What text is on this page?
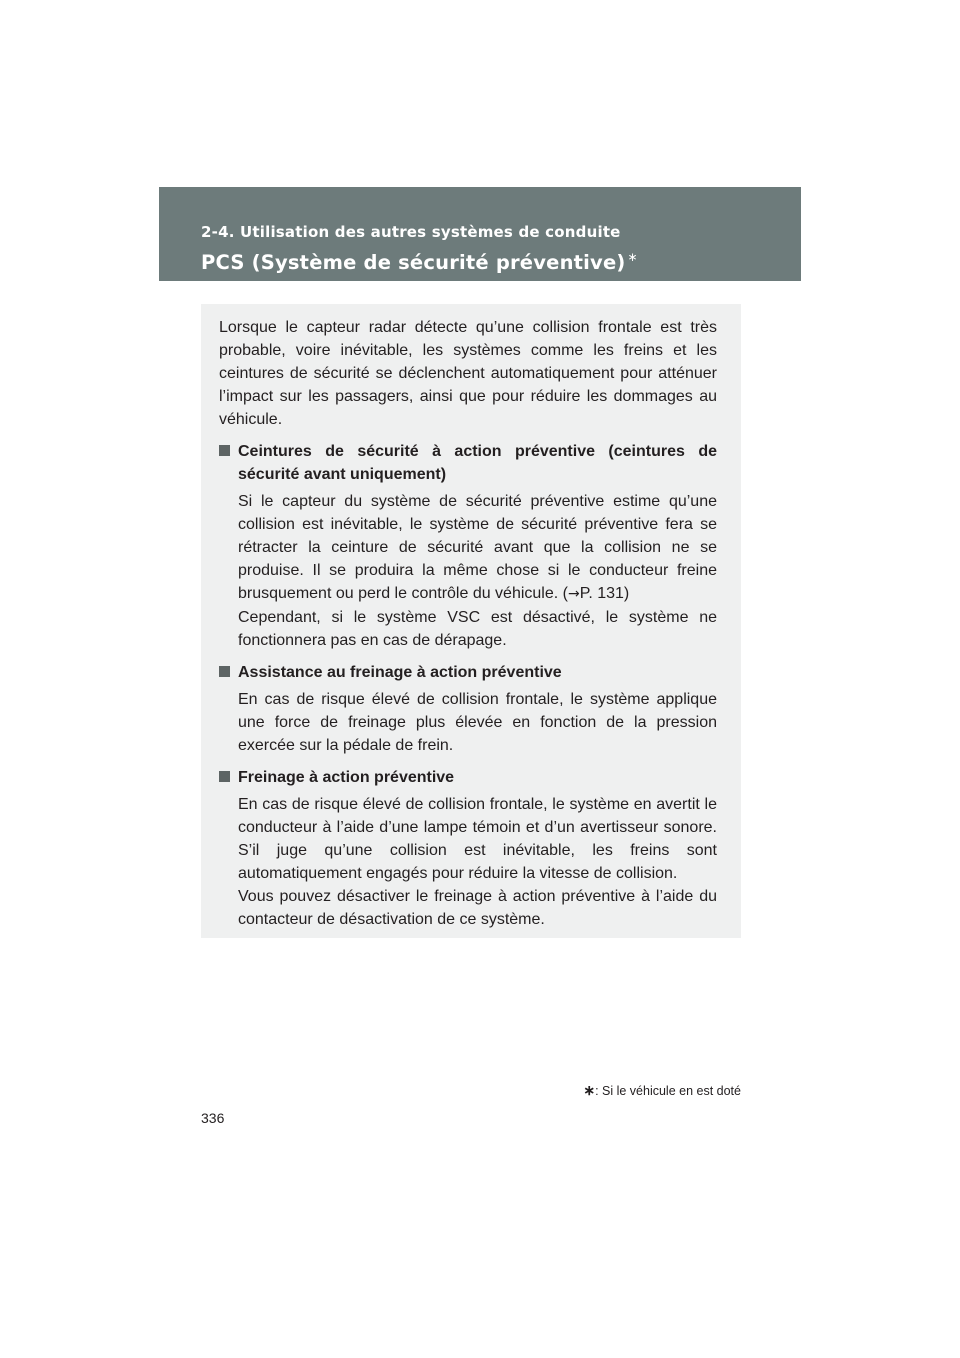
2-4. Utilisation des autres systèmes de conduite
PCS (Système de sécurité préventive) ∗

Lorsque le capteur radar détecte qu’une collision frontale est très probable, voire inévitable, les systèmes comme les freins et les ceintures de sécurité se déclenchent automatiquement pour atténuer l’impact sur les passagers, ainsi que pour réduire les dommages au véhicule.

Ceintures de sécurité à action préventive (ceintures de sécurité avant uniquement)

Si le capteur du système de sécurité préventive estime qu’une collision est inévitable, le système de sécurité préventive fera se rétracter la ceinture de sécurité avant que la collision ne se produise. Il se produira la même chose si le conducteur freine brusquement ou perd le contrôle du véhicule. (→P. 131)

Cependant, si le système VSC est désactivé, le système ne fonctionnera pas en cas de dérapage.

Assistance au freinage à action préventive

En cas de risque élevé de collision frontale, le système applique une force de freinage plus élevée en fonction de la pression exercée sur la pédale de frein.

Freinage à action préventive

En cas de risque élevé de collision frontale, le système en avertit le conducteur à l’aide d’une lampe témoin et d’un avertisseur sonore. S’il juge qu’une collision est inévitable, les freins sont automatiquement engagés pour réduire la vitesse de collision.

Vous pouvez désactiver le freinage à action préventive à l’aide du contacteur de désactivation de ce système.

∗: Si le véhicule en est doté
336
